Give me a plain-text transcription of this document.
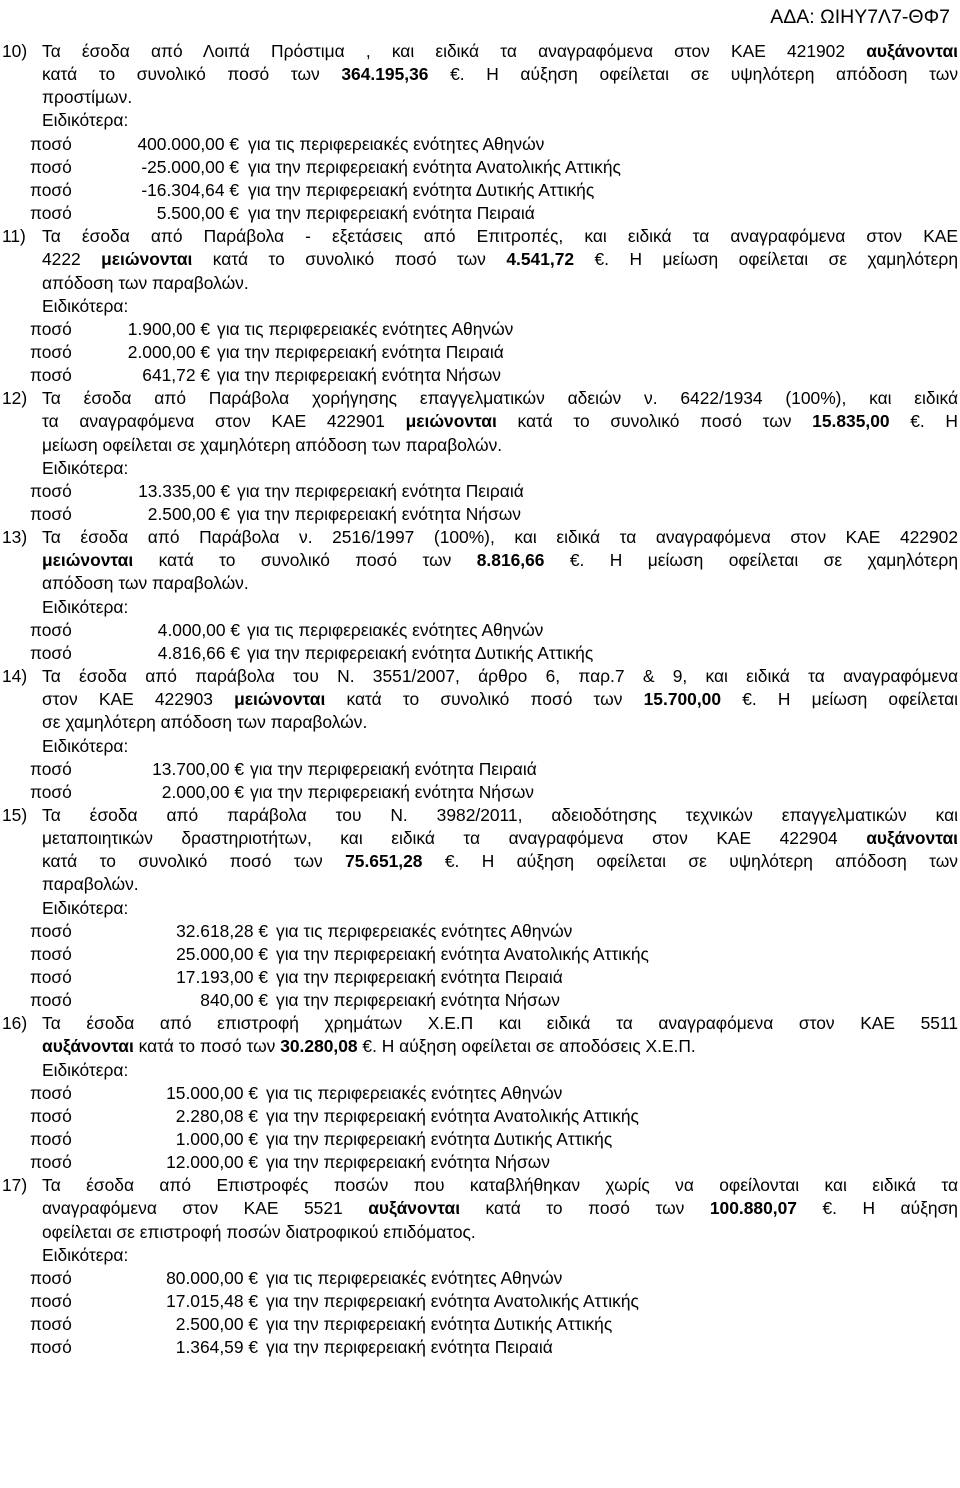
ΑΔΑ: ΩΙΗΥ7Λ7-ΘΦ7
10) Τα έσοδα από Λοιπά Πρόστιμα , και ειδικά τα αναγραφόμενα στον ΚΑΕ 421902 αυξάνονται
κατά το συνολικό ποσό των 364.195,36 €. Η αύξηση οφείλεται σε υψηλότερη απόδοση των
προστίμων.
Ειδικότερα:
ποσό	400.000,00 € για τις περιφερειακές ενότητες Αθηνών
ποσό	-25.000,00 € για την περιφερειακή ενότητα Ανατολικής Αττικής
ποσό	-16.304,64 € για την περιφερειακή ενότητα Δυτικής Αττικής
ποσό	5.500,00 € για την περιφερειακή ενότητα Πειραιά
11) Τα έσοδα από Παράβολα - εξετάσεις από Επιτροπές, και ειδικά τα αναγραφόμενα στον ΚΑΕ
4222 μειώνονται κατά το συνολικό ποσό των 4.541,72 €. Η μείωση οφείλεται σε χαμηλότερη
απόδοση των παραβολών.
Ειδικότερα:
ποσό	1.900,00 € για τις περιφερειακές ενότητες Αθηνών
ποσό	2.000,00 € για την περιφερειακή ενότητα Πειραιά
ποσό	641,72 € για την περιφερειακή ενότητα Νήσων
12) Τα έσοδα από Παράβολα χορήγησης επαγγελματικών αδειών ν. 6422/1934 (100%), και ειδικά
τα αναγραφόμενα στον ΚΑΕ 422901 μειώνονται κατά το συνολικό ποσό των 15.835,00 €. Η
μείωση οφείλεται σε χαμηλότερη απόδοση των παραβολών.
Ειδικότερα:
ποσό	13.335,00 € για την περιφερειακή ενότητα Πειραιά
ποσό	2.500,00 € για την περιφερειακή ενότητα Νήσων
13) Τα έσοδα από Παράβολα ν. 2516/1997 (100%), και ειδικά τα αναγραφόμενα στον ΚΑΕ 422902
μειώνονται κατά το συνολικό ποσό των 8.816,66 €. Η μείωση οφείλεται σε χαμηλότερη
απόδοση των παραβολών.
Ειδικότερα:
ποσό	4.000,00 € για τις περιφερειακές ενότητες Αθηνών
ποσό	4.816,66 € για την περιφερειακή ενότητα Δυτικής Αττικής
14) Τα έσοδα από παράβολα του Ν. 3551/2007, άρθρο 6, παρ.7 & 9, και ειδικά τα αναγραφόμενα
στον ΚΑΕ 422903 μειώνονται κατά το συνολικό ποσό των 15.700,00 €. Η μείωση οφείλεται
σε χαμηλότερη απόδοση των παραβολών.
Ειδικότερα:
ποσό	13.700,00 € για την περιφερειακή ενότητα Πειραιά
ποσό	2.000,00 € για την περιφερειακή ενότητα Νήσων
15) Τα έσοδα από παράβολα του Ν. 3982/2011, αδειοδότησης τεχνικών επαγγελματικών και
μεταποιητικών δραστηριοτήτων, και ειδικά τα αναγραφόμενα στον ΚΑΕ 422904 αυξάνονται
κατά το συνολικό ποσό των 75.651,28 €. Η αύξηση οφείλεται σε υψηλότερη απόδοση των
παραβολών.
Ειδικότερα:
ποσό	32.618,28 € για τις περιφερειακές ενότητες Αθηνών
ποσό	25.000,00 € για την περιφερειακή ενότητα Ανατολικής Αττικής
ποσό	17.193,00 € για την περιφερειακή ενότητα Πειραιά
ποσό	840,00 € για την περιφερειακή ενότητα Νήσων
16) Τα έσοδα από επιστροφή χρημάτων Χ.Ε.Π και ειδικά τα αναγραφόμενα στον ΚΑΕ 5511
αυξάνονται κατά το ποσό των 30.280,08 €. Η αύξηση οφείλεται σε αποδόσεις Χ.Ε.Π.
Ειδικότερα:
ποσό	15.000,00 € για τις περιφερειακές ενότητες Αθηνών
ποσό	2.280,08 € για την περιφερειακή ενότητα Ανατολικής Αττικής
ποσό	1.000,00 € για την περιφερειακή ενότητα Δυτικής Αττικής
ποσό	12.000,00 € για την περιφερειακή ενότητα Νήσων
17) Τα έσοδα από Επιστροφές ποσών που καταβλήθηκαν χωρίς να οφείλονται και ειδικά τα
αναγραφόμενα στον ΚΑΕ 5521 αυξάνονται κατά το ποσό των 100.880,07 €. Η αύξηση
οφείλεται σε επιστροφή ποσών διατροφικού επιδόματος.
Ειδικότερα:
ποσό	80.000,00 € για τις περιφερειακές ενότητες Αθηνών
ποσό	17.015,48 € για την περιφερειακή ενότητα Ανατολικής Αττικής
ποσό	2.500,00 € για την περιφερειακή ενότητα Δυτικής Αττικής
ποσό	1.364,59 € για την περιφερειακή ενότητα Πειραιά
